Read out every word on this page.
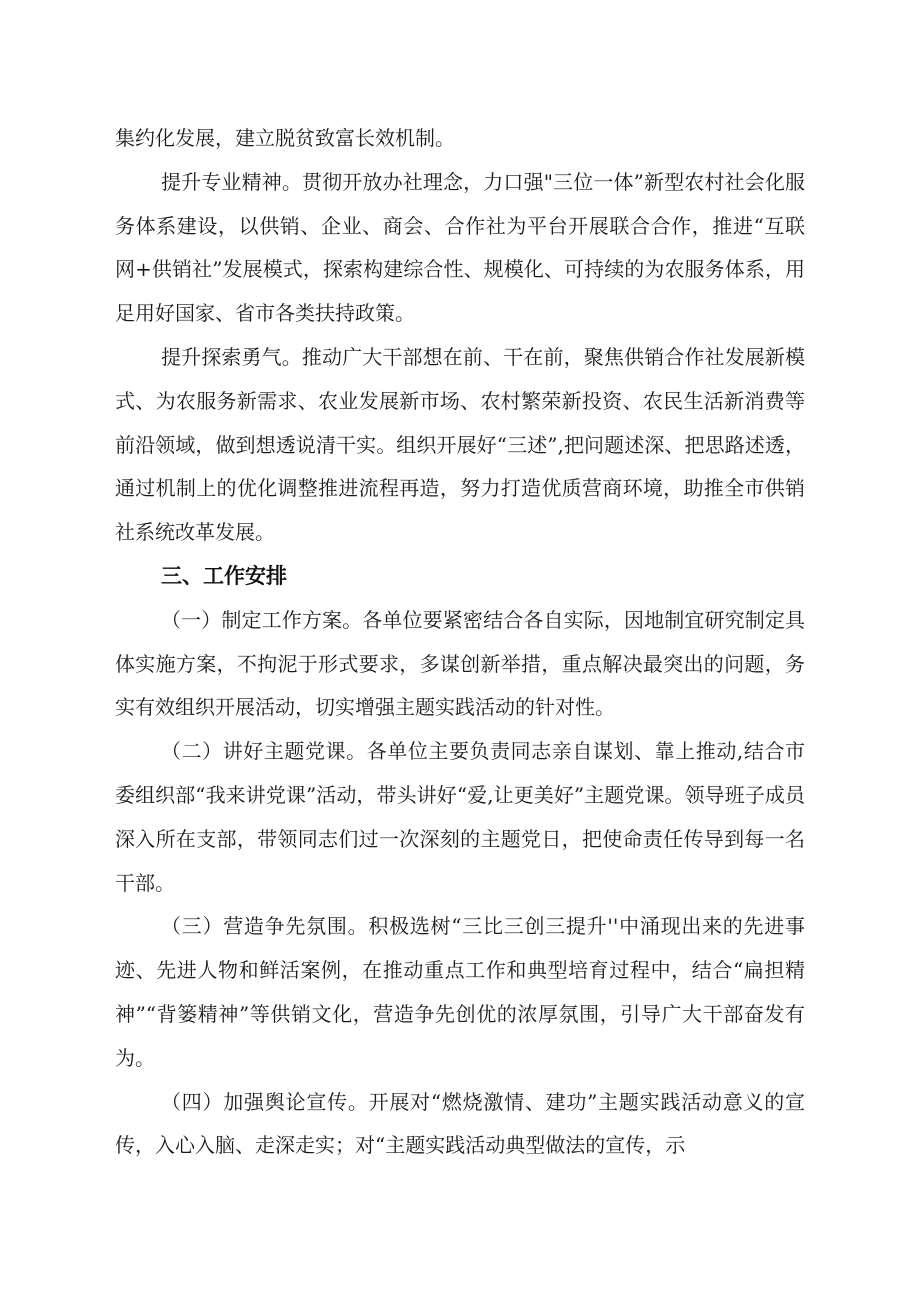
集约化发展，建立脱贫致富长效机制。

提升专业精神。贯彻开放办社理念，力口强"三位一体”新型农村社会化服务体系建设，以供销、企业、商会、合作社为平台开展联合合作，推进“互联网+供销社”发展模式，探索构建综合性、规模化、可持续的为农服务体系，用足用好国家、省市各类扶持政策。

提升探索勇气。推动广大干部想在前、干在前，聚焦供销合作社发展新模式、为农服务新需求、农业发展新市场、农村繁荣新投资、农民生活新消费等前沿领域，做到想透说清干实。组织开展好“三述”,把问题述深、把思路述透，通过机制上的优化调整推进流程再造，努力打造优质营商环境，助推全市供销社系统改革发展。

三、工作安排

（一）制定工作方案。各单位要紧密结合各自实际，因地制宜研究制定具体实施方案，不拘泥于形式要求，多谋创新举措，重点解决最突出的问题，务实有效组织开展活动，切实增强主题实践活动的针对性。

（二）讲好主题党课。各单位主要负责同志亲自谋划、靠上推动,结合市委组织部“我来讲党课”活动，带头讲好“爱,让更美好”主题党课。领导班子成员深入所在支部，带领同志们过一次深刻的主题党日，把使命责任传导到每一名干部。

（三）营造争先氛围。积极选树“三比三创三提升''中涌现出来的先进事迹、先进人物和鲜活案例，在推动重点工作和典型培育过程中，结合“扁担精神”“背篓精神”等供销文化，营造争先创优的浓厚氛围，引导广大干部奋发有为。

（四）加强舆论宣传。开展对“燃烧激情、建功”主题实践活动意义的宣传，入心入脑、走深走实；对“主题实践活动典型做法的宣传，示
